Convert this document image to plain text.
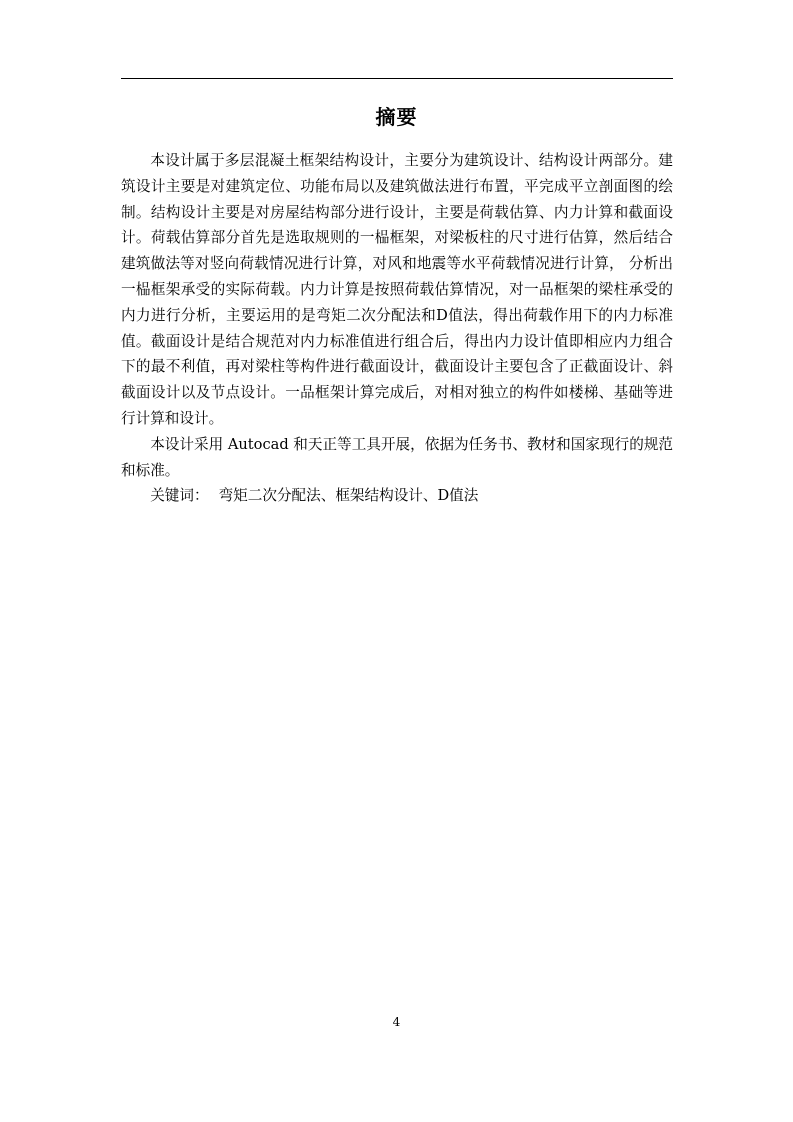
摘要

本设计属于多层混凝土框架结构设计，主要分为建筑设计、结构设计两部分。建筑设计主要是对建筑定位、功能布局以及建筑做法进行布置，平完成平立剖面图的绘制。结构设计主要是对房屋结构部分进行设计，主要是荷载估算、内力计算和截面设计。荷载估算部分首先是选取规则的一榀框架，对梁板柱的尺寸进行估算，然后结合建筑做法等对竖向荷载情况进行计算，对风和地震等水平荷载情况进行计算， 分析出一榀框架承受的实际荷载。内力计算是按照荷载估算情况，对一品框架的梁柱承受的内力进行分析，主要运用的是弯矩二次分配法和D值法，得出荷载作用下的内力标准值。截面设计是结合规范对内力标准值进行组合后，得出内力设计值即相应内力组合下的最不利值，再对梁柱等构件进行截面设计，截面设计主要包含了正截面设计、斜截面设计以及节点设计。一品框架计算完成后，对相对独立的构件如楼梯、基础等进行计算和设计。

本设计采用 Autocad 和天正等工具开展，依据为任务书、教材和国家现行的规范和标准。

关键词： 弯矩二次分配法、框架结构设计、D值法

4
